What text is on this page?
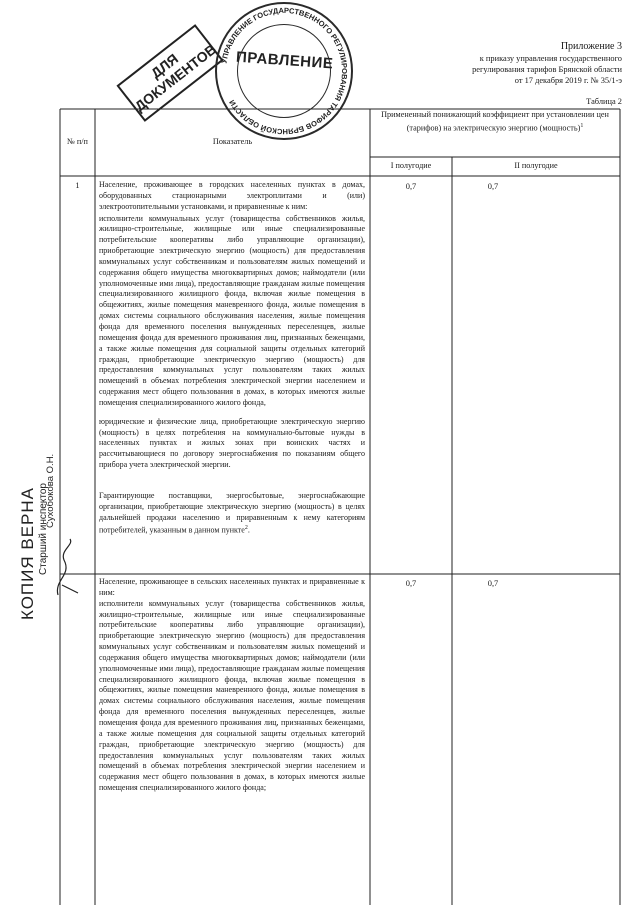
Приложение 3
к приказу управления государственного
регулирования тарифов Брянской области
от 17 декабря 2019 г. № 35/1-э
Таблица 2
ДЛЯ ДОКУМЕНТОВ УПРАВЛЕНИЕ ГОСУДАРСТВЕННОГО РЕГУЛИРОВАНИЯ ТАРИФОВ БРЯНСКОЙ ОБЛАСТИ
ПРАВЛЕНИЕ
№ п/п	Показатель
Примененный понижающий коэффициент при установлении цен (тарифов) на электрическую энергию (мощность)$^1$
I полугодие	II полугодие
1	Население, проживающее в городских населенных пунктах в домах, оборудованных стационарными электроплитами и (или) электроотопительными установками, и приравненные к ним:
исполнители коммунальных услуг (товарищества собственников жилья, жилищно-строительные, жилищные или иные специализированные потребительские кооперативы либо управляющие организации), приобретающие электрическую энергию (мощность) для предоставления коммунальных услуг собственникам и пользователям жилых помещений и содержания общего имущества многоквартирных домов; наймодатели (или уполномоченные ими лица), предоставляющие гражданам жилые помещения специализированного жилищного фонда, включая жилые помещения в общежитиях, жилые помещения маневренного фонда, жилые помещения в домах системы социального обслуживания населения, жилые помещения фонда для временного поселения вынужденных переселенцев, жилые помещения фонда для временного проживания лиц, признанных беженцами, а также жилые помещения для социальной защиты отдельных категорий граждан, приобретающие электрическую энергию (мощность) для предоставления коммунальных услуг пользователям таких жилых помещений в объемах потребления электрической энергии населением и содержания мест общего пользования в домах, в которых имеются жилые помещения специализированного жилого фонда,
юридические и физические лица, приобретающие электрическую энергию (мощность) в целях потребления на коммунально-бытовые нужды в населенных пунктах и жилых зонах при воинских частях и рассчитывающиеся по договору энергоснабжения по показаниям общего прибора учета электрической энергии.
Гарантирующие поставщики, энергосбытовые, энергоснабжающие организации, приобретающие электрическую энергию (мощность) в целях дальнейшей продажи населению и приравненным к нему категориям потребителей, указанным в данном пункте$^2$.
0,7	0,7
Население, проживающее в сельских населенных пунктах и приравненные к ним:
исполнители коммунальных услуг (товарищества собственников жилья, жилищно-строительные, жилищные или иные специализированные потребительские кооперативы либо управляющие организации), приобретающие электрическую энергию (мощность) для предоставления коммунальных услуг собственникам и пользователям жилых помещений и содержания общего имущества многоквартирных домов; наймодатели (или уполномоченные ими лица), предоставляющие гражданам жилые помещения специализированного жилищного фонда, включая жилые помещения в общежитиях, жилые помещения маневренного фонда, жилые помещения в домах системы социального обслуживания населения, жилые помещения фонда для временного поселения вынужденных переселенцев, жилые помещения фонда для временного проживания лиц, признанных беженцами, а также жилые помещения для социальной защиты отдельных категорий граждан, приобретающие электрическую энергию (мощность) для предоставления коммунальных услуг пользователям таких жилых помещений в объемах потребления электрической энергии населением и содержания мест общего пользования в домах, в которых имеются жилые помещения специализированного жилого фонда;
0,7	0,7
КОПИЯ ВЕРНА Старший инспектор
Сухобокова О.Н.
